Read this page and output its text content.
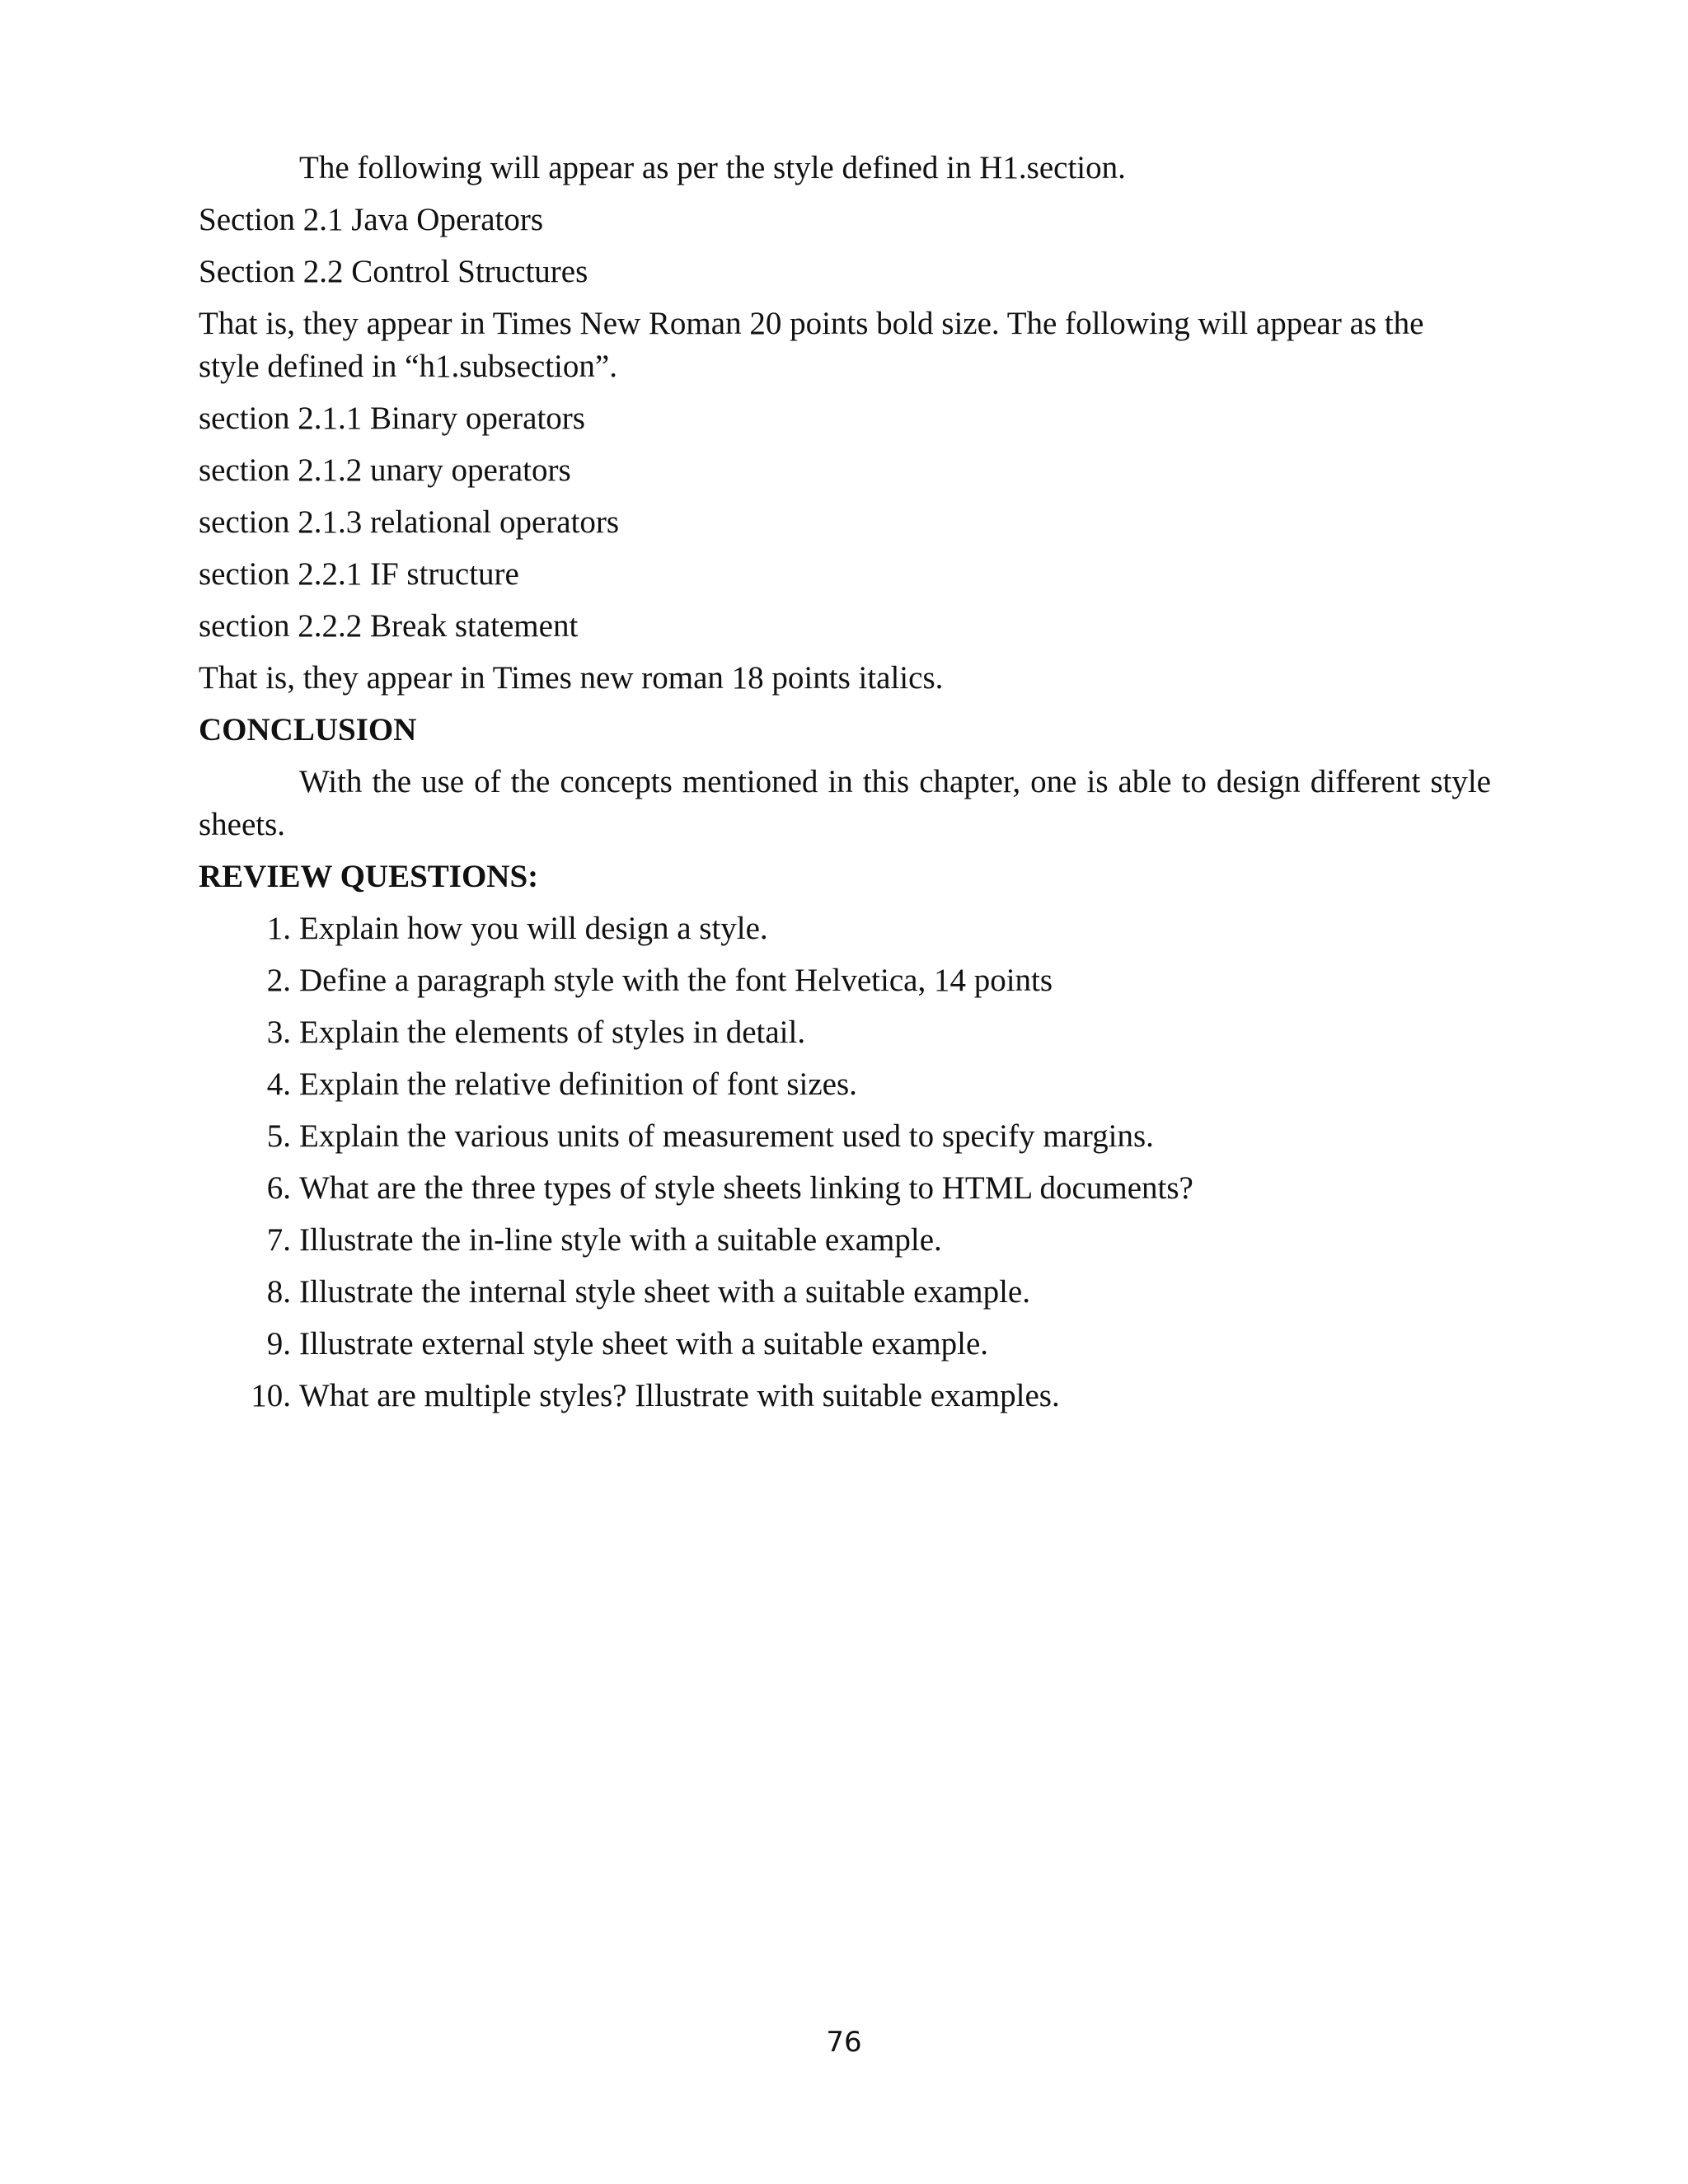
The following will appear as per the style defined in H1.section.

Section 2.1 Java Operators

Section 2.2 Control Structures

That is, they appear in Times New Roman 20 points bold size. The following will appear as the style defined in “h1.subsection”.

section 2.1.1 Binary operators

section 2.1.2 unary operators

section 2.1.3 relational operators

section 2.2.1 IF structure

section 2.2.2 Break statement

That is, they appear in Times new roman 18 points italics.

CONCLUSION

With the use of the concepts mentioned in this chapter, one is able to design different style sheets.

REVIEW QUESTIONS:

1. Explain how you will design a style.
2. Define a paragraph style with the font Helvetica, 14 points
3. Explain the elements of styles in detail.
4. Explain the relative definition of font sizes.
5. Explain the various units of measurement used to specify margins.
6. What are the three types of style sheets linking to HTML documents?
7. Illustrate the in-line style with a suitable example.
8. Illustrate the internal style sheet with a suitable example.
9. Illustrate external style sheet with a suitable example.
10. What are multiple styles? Illustrate with suitable examples.
76
